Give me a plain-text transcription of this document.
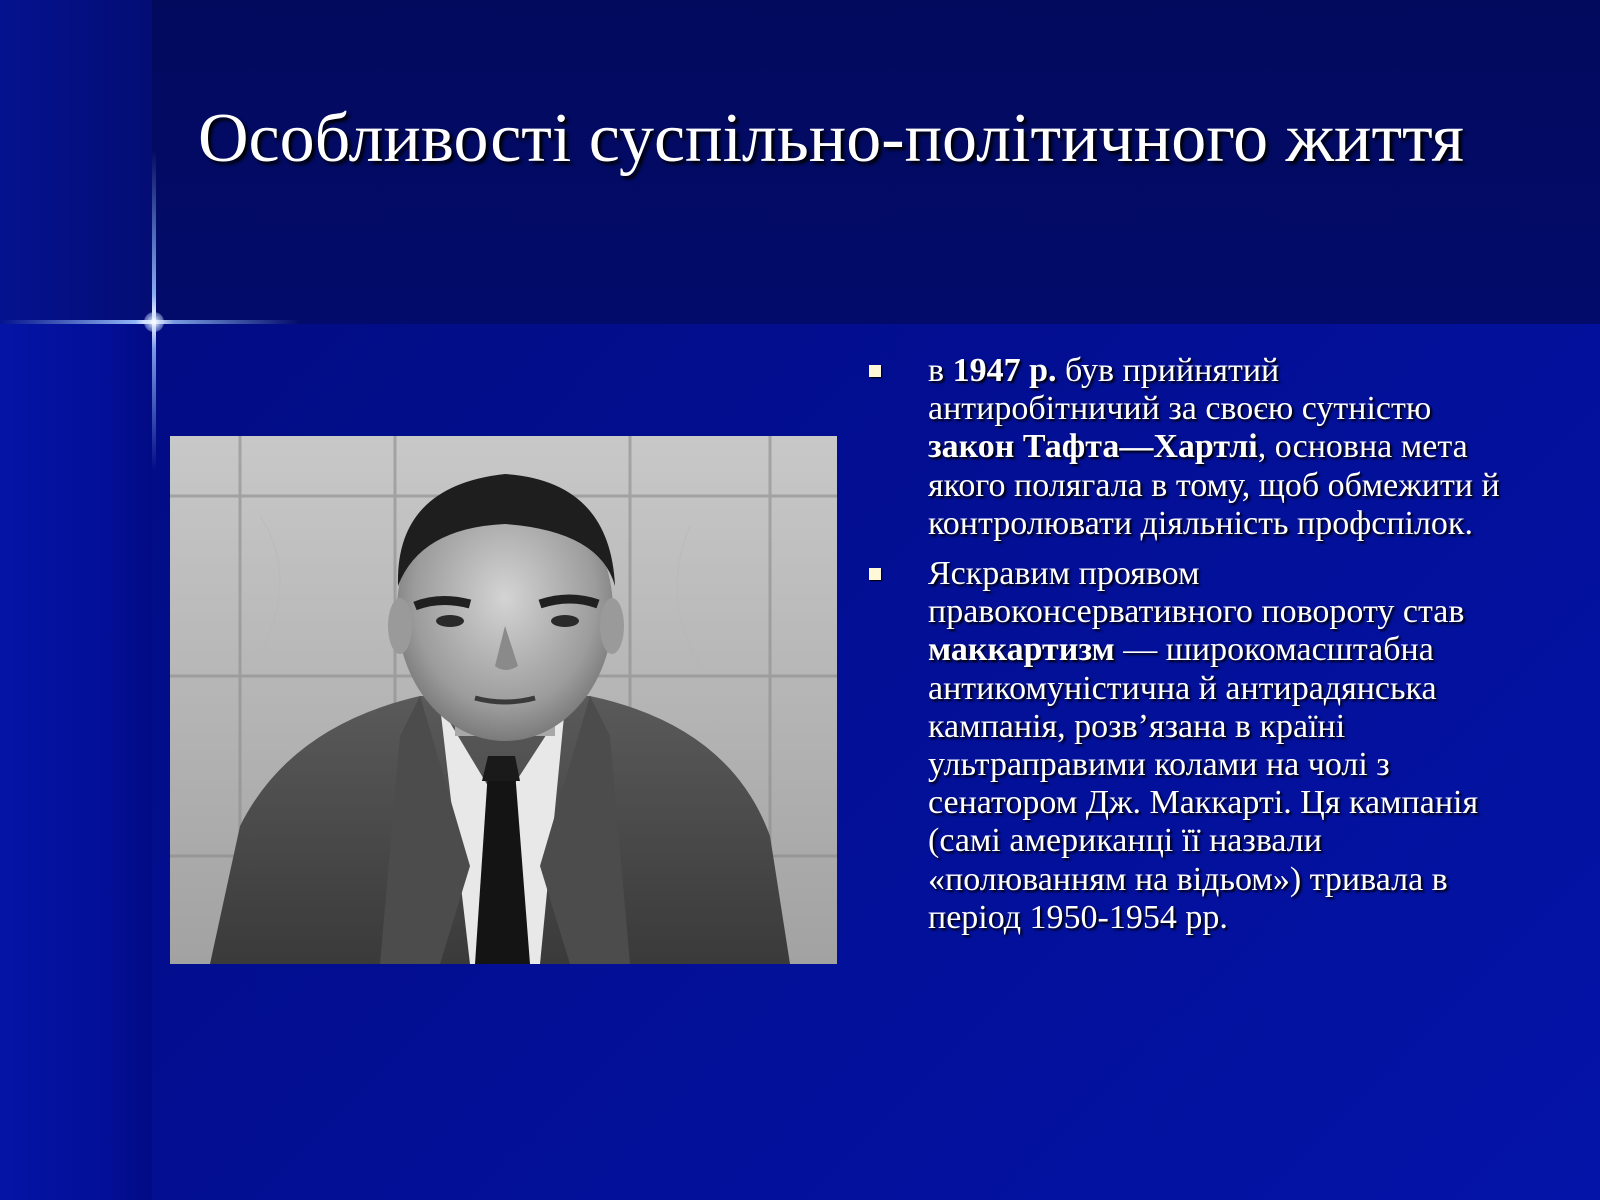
Особливості суспільно-політичного життя
в 1947 р. був прийнятий антиробітничий за своєю сутністю закон Тафта—Хартлі, основна мета якого полягала в тому, щоб обмежити й контролювати діяльність профспілок.
Яскравим проявом правоконсервативного повороту став маккартизм — широкомасштабна антикомуністична й антирадянська кампанія, розв’язана в країні ультраправими колами на чолі з сенатором Дж. Маккарті. Ця кампанія (самі американці її назвали «полюванням на відьом») тривала в період 1950-1954 рр.
